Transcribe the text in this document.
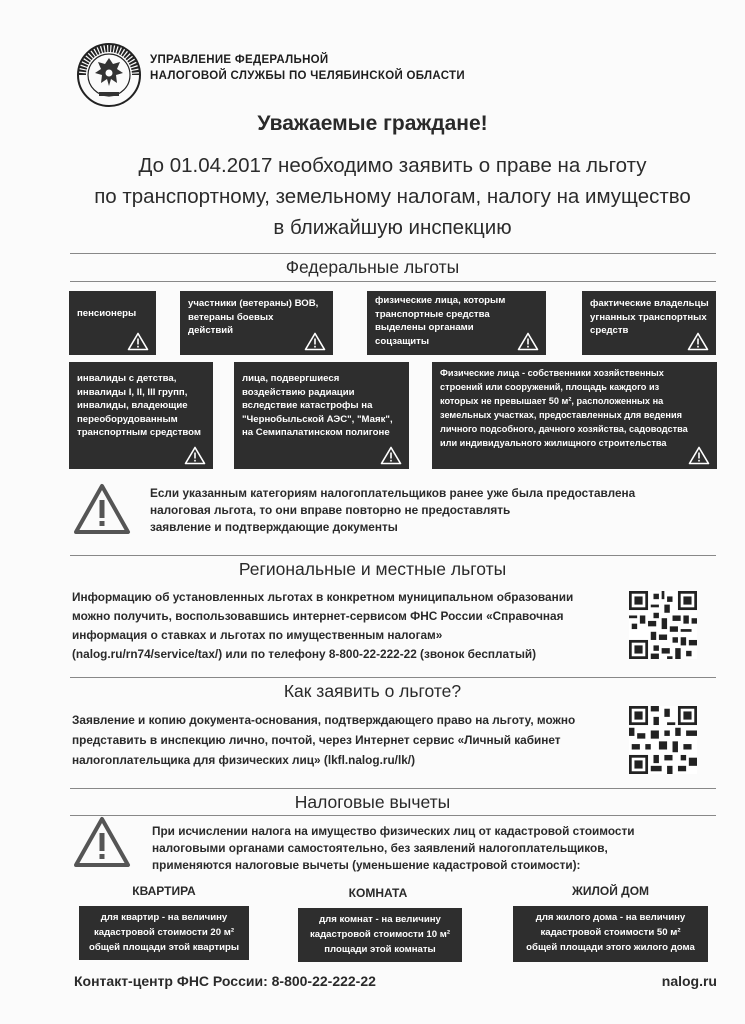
УПРАВЛЕНИЕ ФЕДЕРАЛЬНОЙ
НАЛОГОВОЙ СЛУЖБЫ ПО ЧЕЛЯБИНСКОЙ ОБЛАСТИ
Уважаемые граждане!
До 01.04.2017 необходимо заявить о праве на льготу
по транспортному, земельному налогам, налогу на имущество
в ближайшую инспекцию
Федеральные льготы
пенсионеры
участники (ветераны) ВОВ,
ветераны боевых
действий
физические лица, которым
транспортные средства
выделены органами
соцзащиты
фактические владельцы
угнанных транспортных
средств
инвалиды с детства,
инвалиды I, II, III групп,
инвалиды, владеющие
переоборудованным
транспортным средством
лица, подвергшиеся
воздействию радиации
вследствие катастрофы на
"Чернобыльской АЭС", "Маяк",
на Семипалатинском полигоне
Физические лица - собственники хозяйственных
строений или сооружений, площадь каждого из
которых не превышает 50 м², расположенных на
земельных участках, предоставленных для ведения
личного подсобного, дачного хозяйства, садоводства
или индивидуального жилищного строительства
Если указанным категориям налогоплательщиков ранее уже была предоставлена
налоговая льгота, то они вправе повторно не предоставлять
заявление и подтверждающие документы
Региональные и местные льготы
Информацию об установленных льготах в конкретном муниципальном образовании
можно получить, воспользовавшись интернет-сервисом ФНС России «Справочная
информация о ставках и льготах по имущественным налогам»
(nalog.ru/rn74/service/tax/) или по телефону 8-800-22-222-22 (звонок бесплатый)
Как заявить о льготе?
Заявление и копию документа-основания, подтверждающего право на льготу, можно
представить в инспекцию лично, почтой, через Интернет сервис «Личный кабинет
налогоплательщика для физических лиц» (lkfl.nalog.ru/lk/)
Налоговые вычеты
При исчислении налога на имущество физических лиц от кадастровой стоимости
налоговыми органами самостоятельно, без заявлений налогоплательщиков,
применяются налоговые вычеты (уменьшение кадастровой стоимости):
КВАРТИРА
для квартир - на величину
кадастровой стоимости 20 м²
общей площади этой квартиры
КОМНАТА
для комнат - на величину
кадастровой стоимости 10 м²
площади этой комнаты
ЖИЛОЙ ДОМ
для жилого дома - на величину
кадастровой стоимости 50 м²
общей площади этого жилого дома
Контакт-центр ФНС России: 8-800-22-222-22	nalog.ru
